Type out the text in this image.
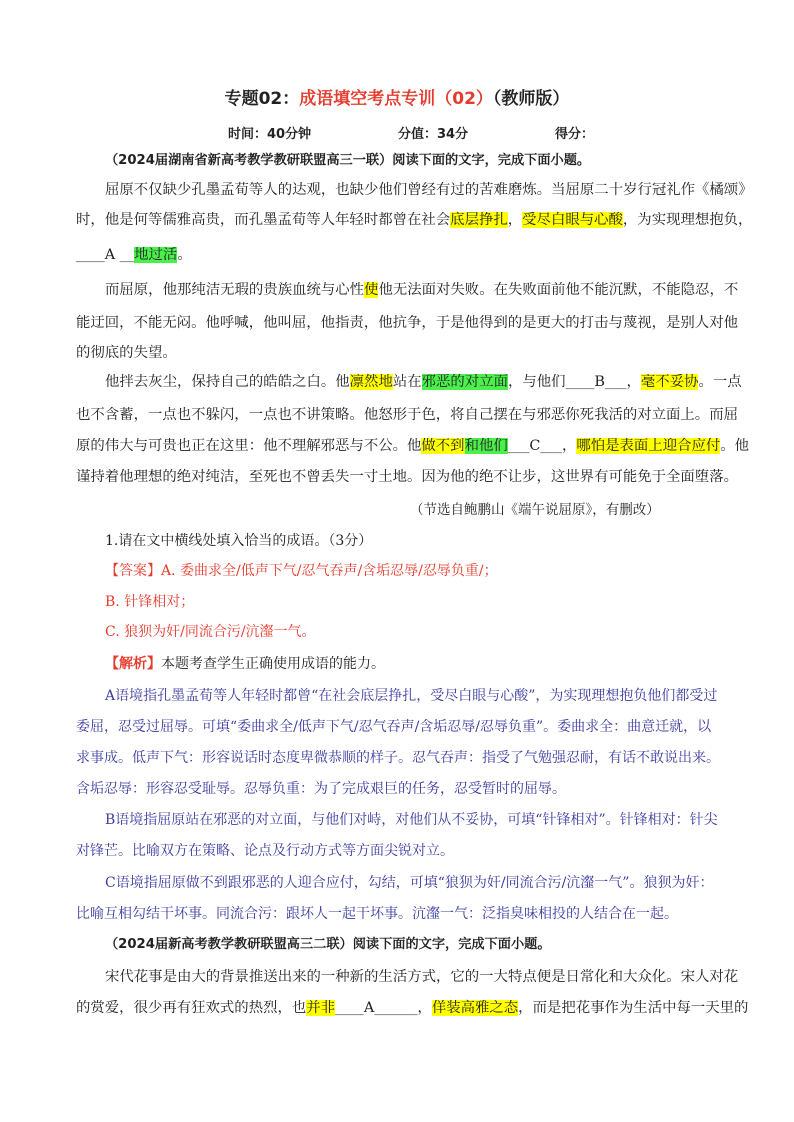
专题02：成语填空考点专训（02）（教师版）
时间：40分钟	分值：34分	得分：
（2024届湖南省新高考教学教研联盟高三一联）阅读下面的文字，完成下面小题。
屈原不仅缺少孔墨孟荀等人的达观，也缺少他们曾经有过的苦难磨炼。当屈原二十岁行冠礼作《橘颂》
时，他是何等儒雅高贵，而孔墨孟荀等人年轻时都曾在社会底层挣扎，受尽白眼与心酸，为实现理想抱负，
____A __地过活。
而屈原，他那纯洁无瑕的贵族血统与心性使他无法面对失败。在失败面前他不能沉默，不能隐忍，不
能迂回，不能无闷。他呼喊，他叫屈，他指责，他抗争，于是他得到的是更大的打击与蔑视，是别人对他
的彻底的失望。
他拌去灰尘，保持自己的皓皓之白。他凛然地站在邪恶的对立面，与他们____B___，毫不妥协。一点
也不含蓄，一点也不躲闪，一点也不讲策略。他怒形于色，将自己摆在与邪恶你死我活的对立面上。而屈
原的伟大与可贵也正在这里：他不理解邪恶与不公。他做不到和他们___C___，哪怕是表面上迎合应付。他
谨持着他理想的绝对纯洁，至死也不曾丢失一寸土地。因为他的绝不让步，这世界有可能免于全面堕落。
（节选自鲍鹏山《端午说屈原》，有删改）
1.请在文中横线处填入恰当的成语。（3分）
【答案】A. 委曲求全/低声下气/忍气吞声/含垢忍辱/忍辱负重/；
B. 针锋相对；
C. 狼狈为奸/同流合污/沆瀣一气。
【解析】本题考查学生正确使用成语的能力。
A语境指孔墨孟荀等人年轻时都曾“在社会底层挣扎，受尽白眼与心酸”，为实现理想抱负他们都受过
委屈，忍受过屈辱。可填“委曲求全/低声下气/忍气吞声/含垢忍辱/忍辱负重”。委曲求全：曲意迁就，以
求事成。低声下气：形容说话时态度卑微恭顺的样子。忍气吞声：指受了气勉强忍耐，有话不敢说出来。
含垢忍辱：形容忍受耻辱。忍辱负重：为了完成艰巨的任务，忍受暂时的屈辱。
B语境指屈原站在邪恶的对立面，与他们对峙，对他们从不妥协，可填“针锋相对”。针锋相对：针尖
对锋芒。比喻双方在策略、论点及行动方式等方面尖锐对立。
C语境指屈原做不到跟邪恶的人迎合应付，勾结，可填“狼狈为奸/同流合污/沆瀣一气”。狼狈为奸：
比喻互相勾结干坏事。同流合污：跟坏人一起干坏事。沆瀣一气：泛指臭味相投的人结合在一起。
（2024届新高考教学教研联盟高三二联）阅读下面的文字，完成下面小题。
宋代花事是由大的背景推送出来的一种新的生活方式，它的一大特点便是日常化和大众化。宋人对花
的赏爱，很少再有狂欢式的热烈，也并非____A______，佯装高雅之态，而是把花事作为生活中每一天里的
